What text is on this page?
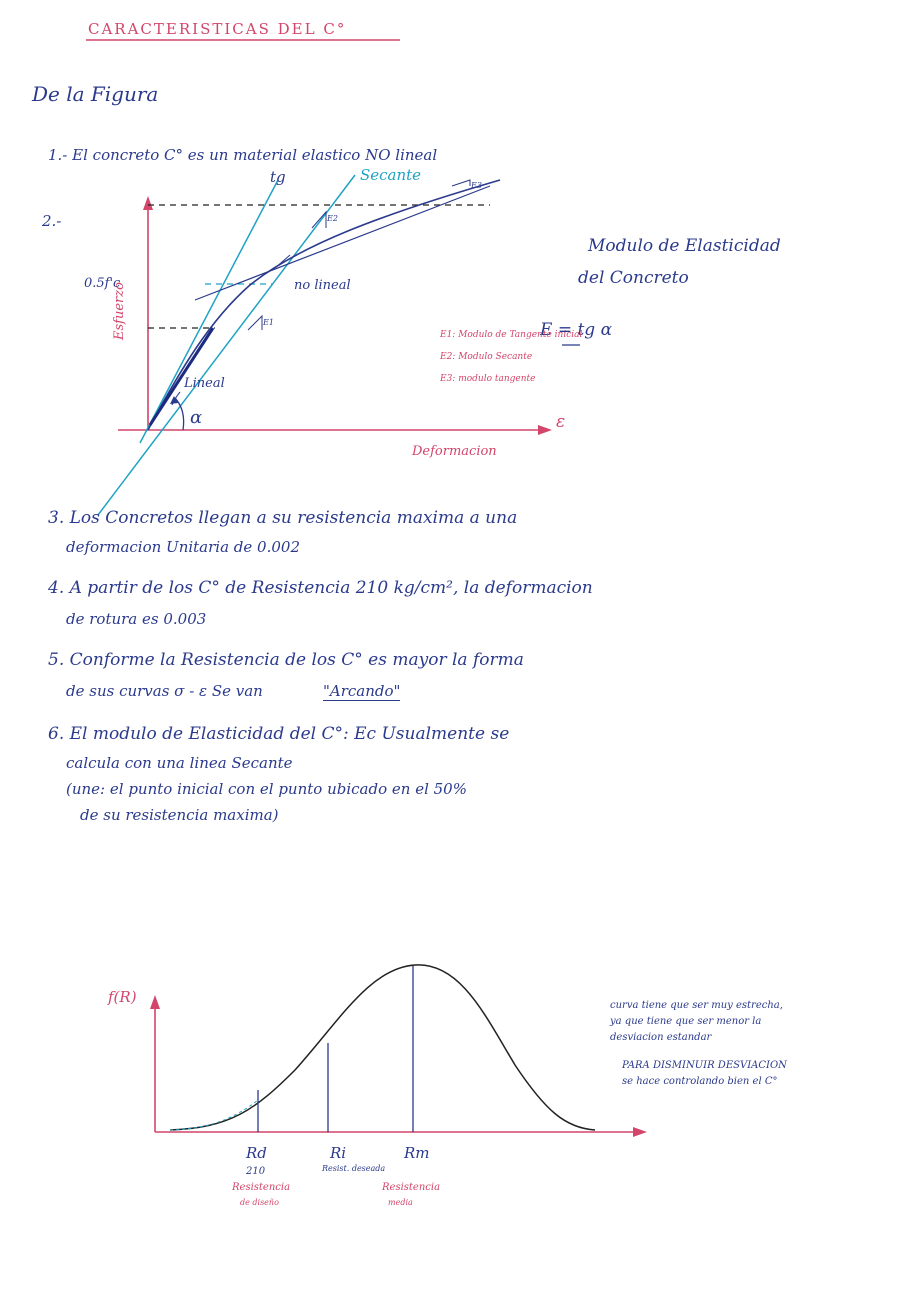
CARACTERISTICAS DEL C°
De la Figura
1.- El concreto C° es un material elastico NO lineal
2.-
Esfuerzo
Deformacion
ε
tg	Secante
0.5f'c	no lineal
Lineal
α
E1
E2
E3
Modulo de Elasticidad
del Concreto
E = tg α
E1: Modulo de Tangente inicial
E2: Modulo Secante
E3: modulo tangente
3. Los Concretos llegan a su resistencia maxima a una
deformacion Unitaria de 0.002
4. A partir de los C° de Resistencia 210 kg/cm², la deformacion
de rotura es 0.003
5. Conforme la Resistencia de los C° es mayor la forma
de sus curvas σ - ε Se van	"Arcando"
6. El modulo de Elasticidad del C°: Ec Usualmente se
calcula con una linea Secante
(une: el punto inicial con el punto ubicado en el 50%
de su resistencia maxima)
f(R)
Rd
210
Resistencia
de diseño
Ri
Resist. deseada
Rm
Resistencia
media
curva tiene que ser muy estrecha,
ya que tiene que ser menor la
desviacion estandar
PARA DISMINUIR DESVIACION
se hace controlando bien el C°
